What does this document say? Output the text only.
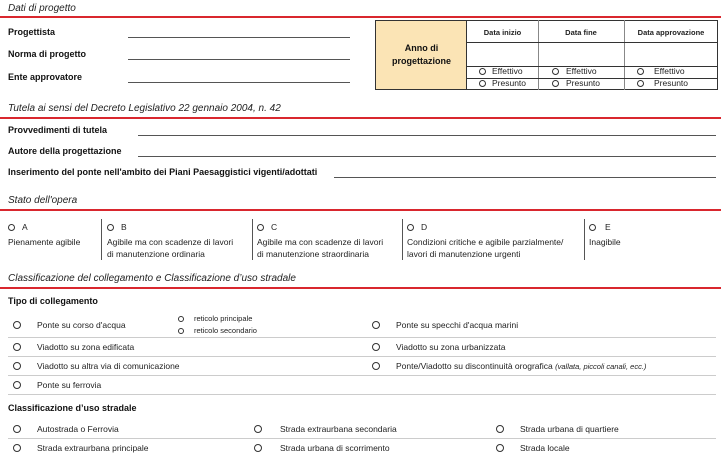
Dati di progetto
Progettista
Norma di progetto
Ente approvatore
Anno di
progettazione
Data inizio	Data fine	Data approvazione
Effettivo	Effettivo	Effettivo
Presunto	Presunto	Presunto
Tutela ai sensi del Decreto Legislativo 22 gennaio 2004, n. 42
Provvedimenti di tutela
Autore della progettazione
Inserimento del ponte nell'ambito dei Piani Paesaggistici vigenti/adottati
Stato dell'opera
A
Pienamente agibile
B
Agibile ma con scadenze di lavori
di manutenzione ordinaria
C
Agibile ma con scadenze di lavori
di manutenzione straordinaria
D
Condizioni critiche e agibile parzialmente/
lavori di manutenzione urgenti
E
Inagibile
Classificazione del collegamento e Classificazione d’uso stradale
Tipo di collegamento
Ponte su corso d'acqua
reticolo principale
reticolo secondario
Ponte su specchi d'acqua marini
Viadotto su zona edificata	Viadotto su zona urbanizzata
Viadotto su altra via di comunicazione	Ponte/Viadotto su discontinuità orografica (vallata, piccoli canali, ecc.)
Ponte su ferrovia
Classificazione d’uso stradale
Autostrada o Ferrovia	Strada extraurbana secondaria	Strada urbana di quartiere
Strada extraurbana principale	Strada urbana di scorrimento	Strada locale
